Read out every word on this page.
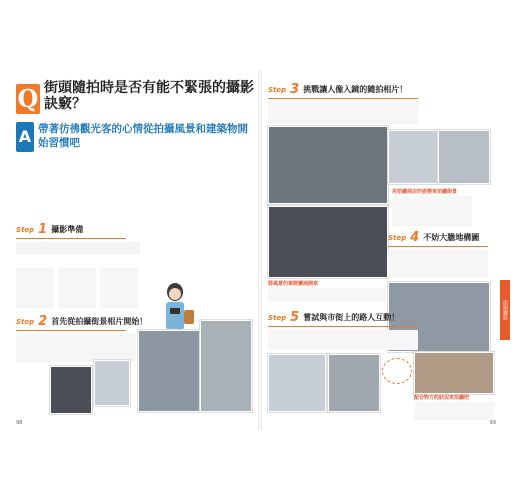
Q 街頭隨拍時是否有能不緊張的攝影訣竅？
A 帶著彷彿觀光客的心情從拍攝風景和建築物開始習慣吧
Step 1 攝影準備
Step 2 首先從拍攝街景相片開始！
98
Step 3 挑戰讓人像入鏡的隨拍相片！
用拍攝商店的姿態來拍攝街景
將風景的視野擴展開來
Step 4 不妨大膽地構圖
街頭攝影
Step 5 嘗試與市街上的路人互動！
配合對方的狀況來拍攝吧
99
